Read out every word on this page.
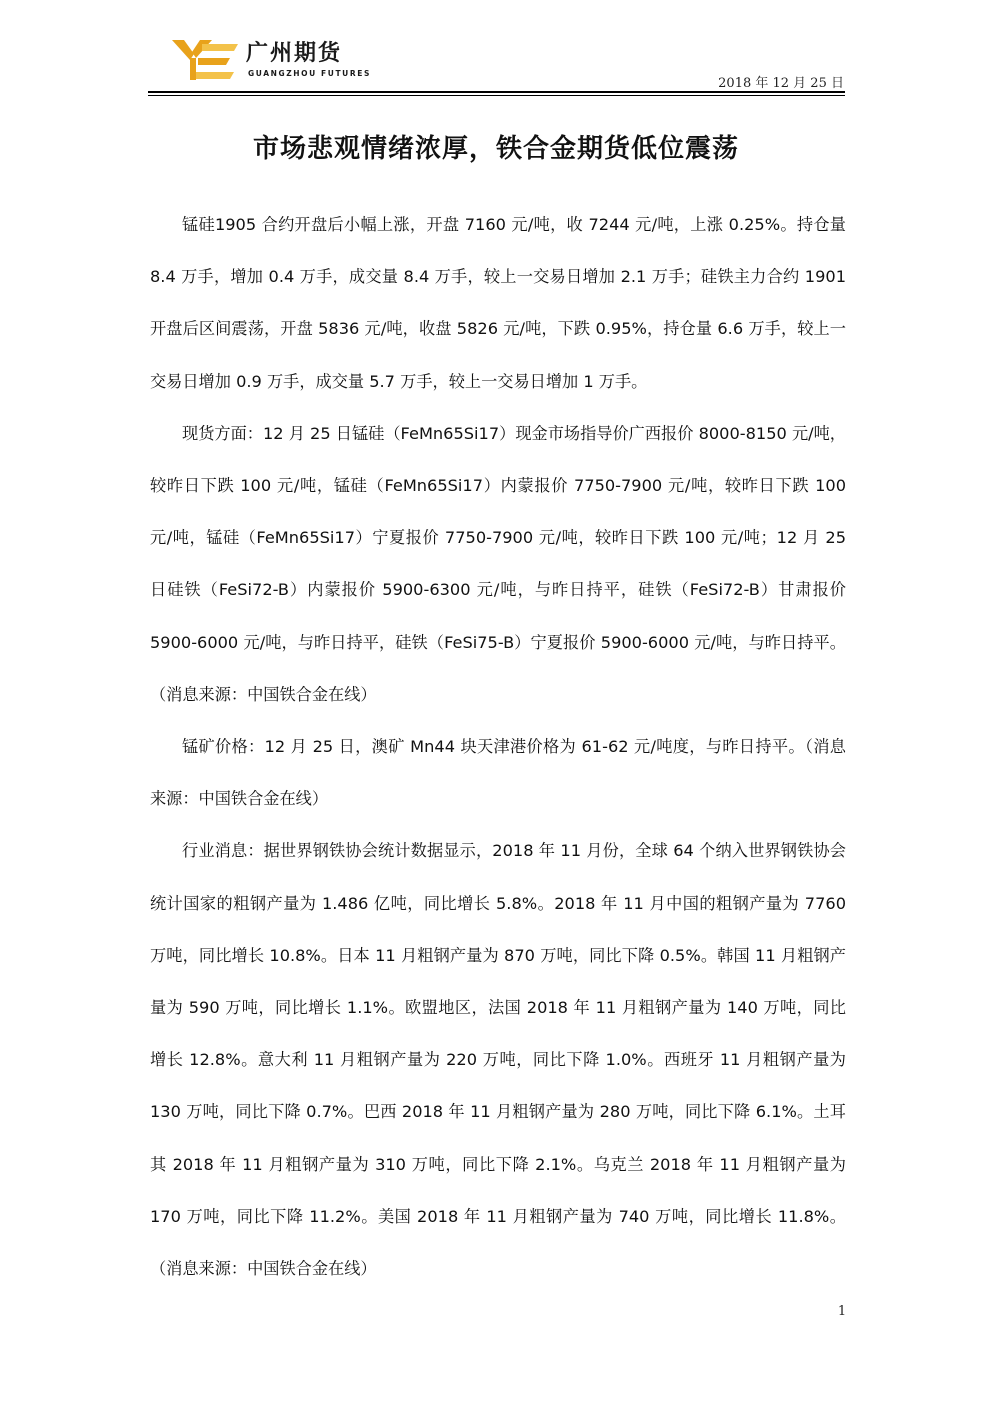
广州期货
GUANGZHOU FUTURES
2018 年 12 月 25 日
市场悲观情绪浓厚，铁合金期货低位震荡

锰硅1905 合约开盘后小幅上涨，开盘 7160 元/吨，收 7244 元/吨，上涨 0.25%。持仓量 8.4 万手，增加 0.4 万手，成交量 8.4 万手，较上一交易日增加 2.1 万手；硅铁主力合约 1901 开盘后区间震荡，开盘 5836 元/吨，收盘 5826 元/吨，下跌 0.95%，持仓量 6.6 万手，较上一交易日增加 0.9 万手，成交量 5.7 万手，较上一交易日增加 1 万手。

现货方面：12 月 25 日锰硅（FeMn65Si17）现金市场指导价广西报价 8000-8150 元/吨，较昨日下跌 100 元/吨，锰硅（FeMn65Si17）内蒙报价 7750-7900 元/吨，较昨日下跌 100 元/吨，锰硅（FeMn65Si17）宁夏报价 7750-7900 元/吨，较昨日下跌 100 元/吨；12 月 25 日硅铁（FeSi72-B）内蒙报价 5900-6300 元/吨，与昨日持平，硅铁（FeSi72-B）甘肃报价 5900-6000 元/吨，与昨日持平，硅铁（FeSi75-B）宁夏报价 5900-6000 元/吨，与昨日持平。（消息来源：中国铁合金在线）

锰矿价格：12 月 25 日，澳矿 Mn44 块天津港价格为 61-62 元/吨度，与昨日持平。（消息来源：中国铁合金在线）

行业消息：据世界钢铁协会统计数据显示，2018 年 11 月份，全球 64 个纳入世界钢铁协会统计国家的粗钢产量为 1.486 亿吨，同比增长 5.8%。2018 年 11 月中国的粗钢产量为 7760 万吨，同比增长 10.8%。日本 11 月粗钢产量为 870 万吨，同比下降 0.5%。韩国 11 月粗钢产量为 590 万吨，同比增长 1.1%。欧盟地区，法国 2018 年 11 月粗钢产量为 140 万吨，同比增长 12.8%。意大利 11 月粗钢产量为 220 万吨，同比下降 1.0%。西班牙 11 月粗钢产量为 130 万吨，同比下降 0.7%。巴西 2018 年 11 月粗钢产量为 280 万吨，同比下降 6.1%。土耳其 2018 年 11 月粗钢产量为 310 万吨，同比下降 2.1%。乌克兰 2018 年 11 月粗钢产量为 170 万吨，同比下降 11.2%。美国 2018 年 11 月粗钢产量为 740 万吨，同比增长 11.8%。（消息来源：中国铁合金在线）

1
